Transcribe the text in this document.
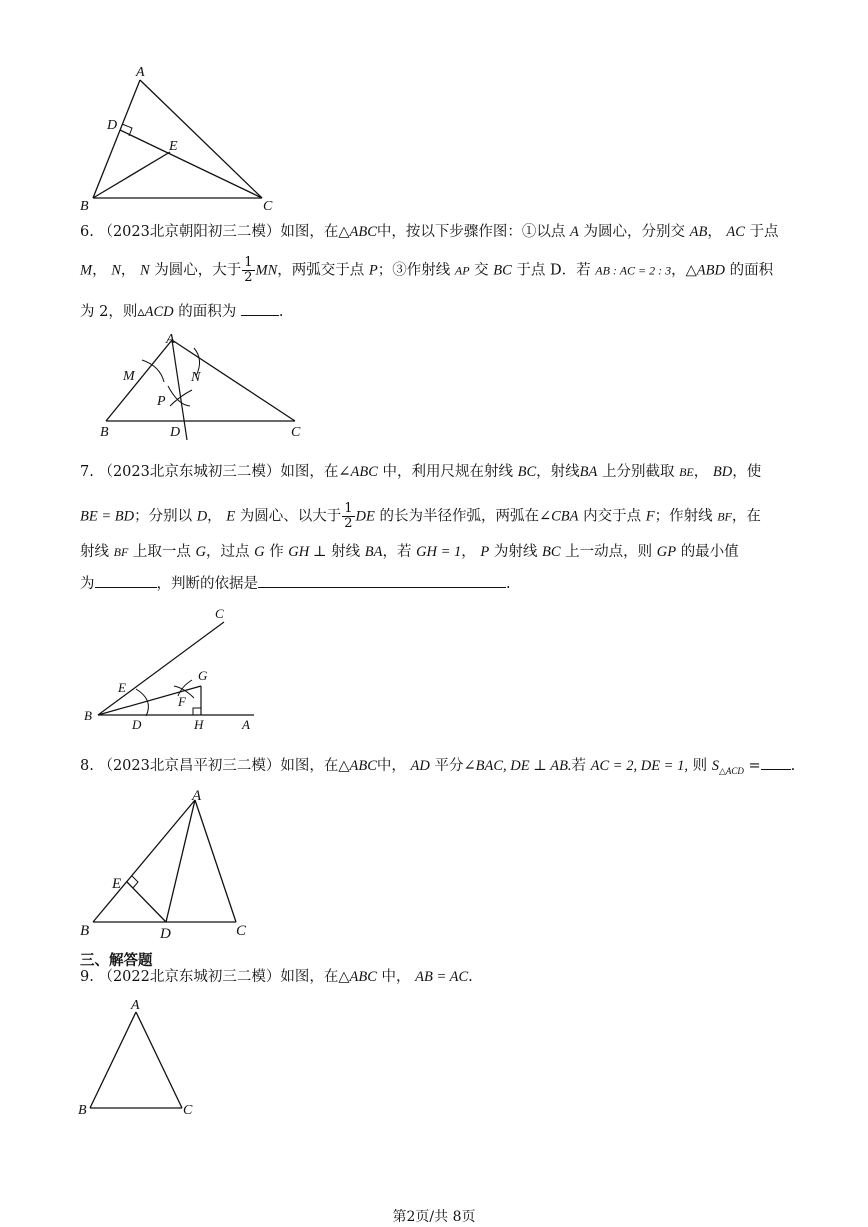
A
D
E
B	C
6. （2023北京朝阳初三二模）如图，在△ABC中，按以下步骤作图：①以点 A 为圆心，分别交 AB， AC 于点
M， N， N 为圆心，大于 $\frac{1}{2}$ MN，两弧交于点 P；③作射线 AP 交 BC 于点 D．若 AB : AC = 2 : 3，△ABD 的面积
为 2，则▵ACD 的面积为	.
A
M	N
P
B	D	C
7. （2023北京东城初三二模）如图，在∠ABC 中，利用尺规在射线 BC，射线BA 上分别截取 BE， BD，使
BE = BD；分别以 D， E 为圆心、以大于 $\frac{1}{2}$ DE 的长为半径作弧，两弧在∠CBA 内交于点 F；作射线 BF，在
射线 BF 上取一点 G，过点 G 作 GH ⊥ 射线 BA，若 GH = 1， P 为射线 BC 上一动点，则 GP 的最小值
为	，判断的依据是	.
C
E
G
F
B
D	H	A
8. （2023北京昌平初三二模）如图，在△ABC中， AD 平分∠BAC, DE ⊥ AB.若 AC = 2, DE = 1, 则 $S_{\triangle ACD}$ = .
A
E
B	D	C
三、解答题
9. （2022北京东城初三二模）如图，在△ABC 中， AB = AC.
A
B	C
第2页/共 8页
